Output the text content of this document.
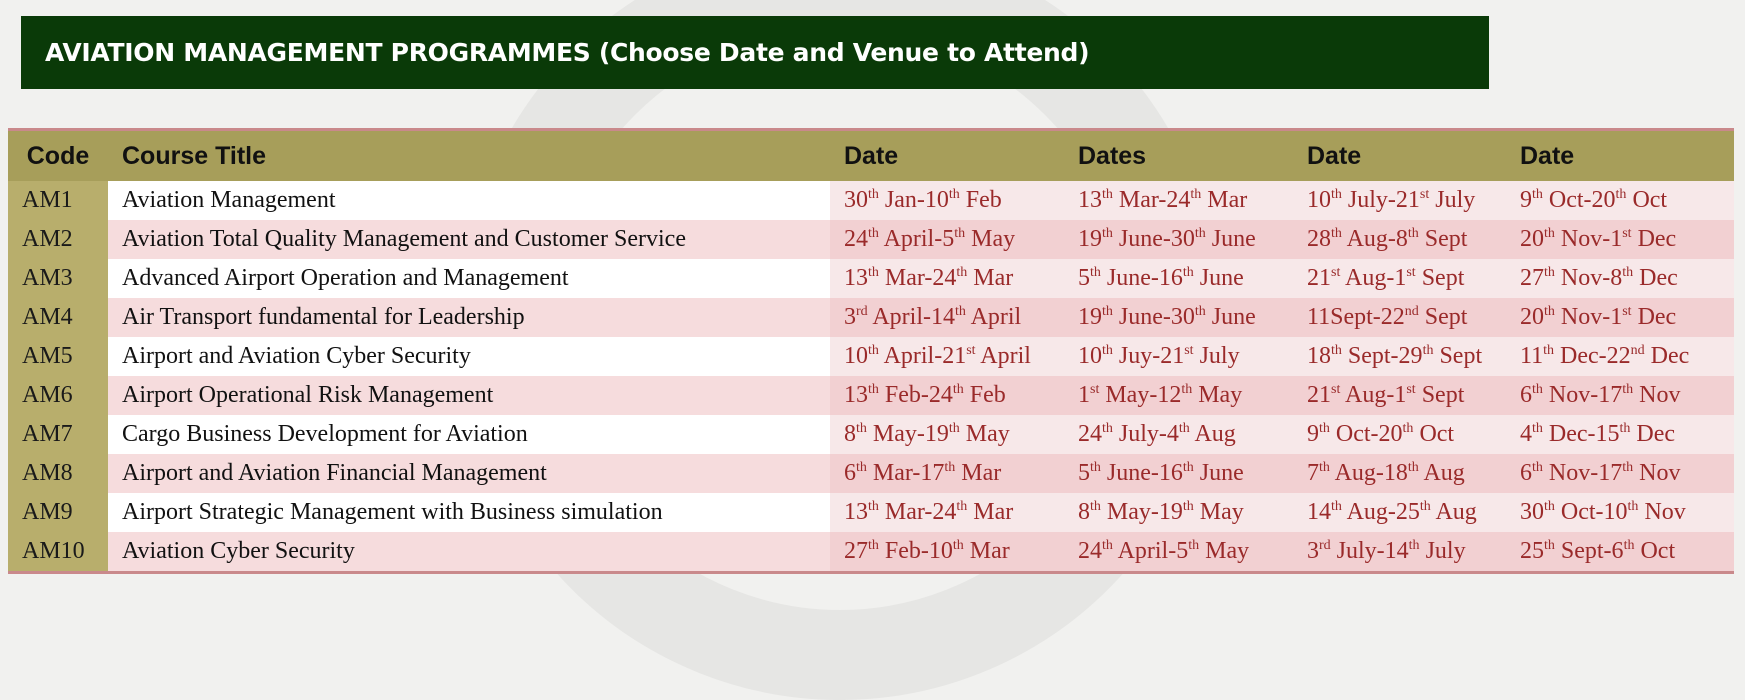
AVIATION MANAGEMENT PROGRAMMES (Choose Date and Venue to Attend)
Code	Course Title	Date	Dates	Date	Date
AM1	Aviation Management	30th Jan-10th Feb	13th Mar-24th Mar	10th July-21st July	9th Oct-20th Oct
AM2	Aviation Total Quality Management and Customer Service	24th April-5th May	19th June-30th June	28th Aug-8th Sept	20th Nov-1st Dec
AM3	Advanced Airport Operation and Management	13th Mar-24th Mar	5th June-16th June	21st Aug-1st Sept	27th Nov-8th Dec
AM4	Air Transport fundamental for Leadership	3rd April-14th April	19th June-30th June	11Sept-22nd Sept	20th Nov-1st Dec
AM5	Airport and Aviation Cyber Security	10th April-21st April	10th Juy-21st July	18th Sept-29th Sept	11th Dec-22nd Dec
AM6	Airport Operational Risk Management	13th Feb-24th Feb	1st May-12th May	21st Aug-1st Sept	6th Nov-17th Nov
AM7	Cargo Business Development for Aviation	8th May-19th May	24th July-4th Aug	9th Oct-20th Oct	4th Dec-15th Dec
AM8	Airport and Aviation Financial Management	6th Mar-17th Mar	5th June-16th June	7th Aug-18th Aug	6th Nov-17th Nov
AM9	Airport Strategic Management with Business simulation	13th Mar-24th Mar	8th May-19th May	14th Aug-25th Aug	30th Oct-10th Nov
AM10	Aviation Cyber Security	27th Feb-10th Mar	24th April-5th May	3rd July-14th July	25th Sept-6th Oct
